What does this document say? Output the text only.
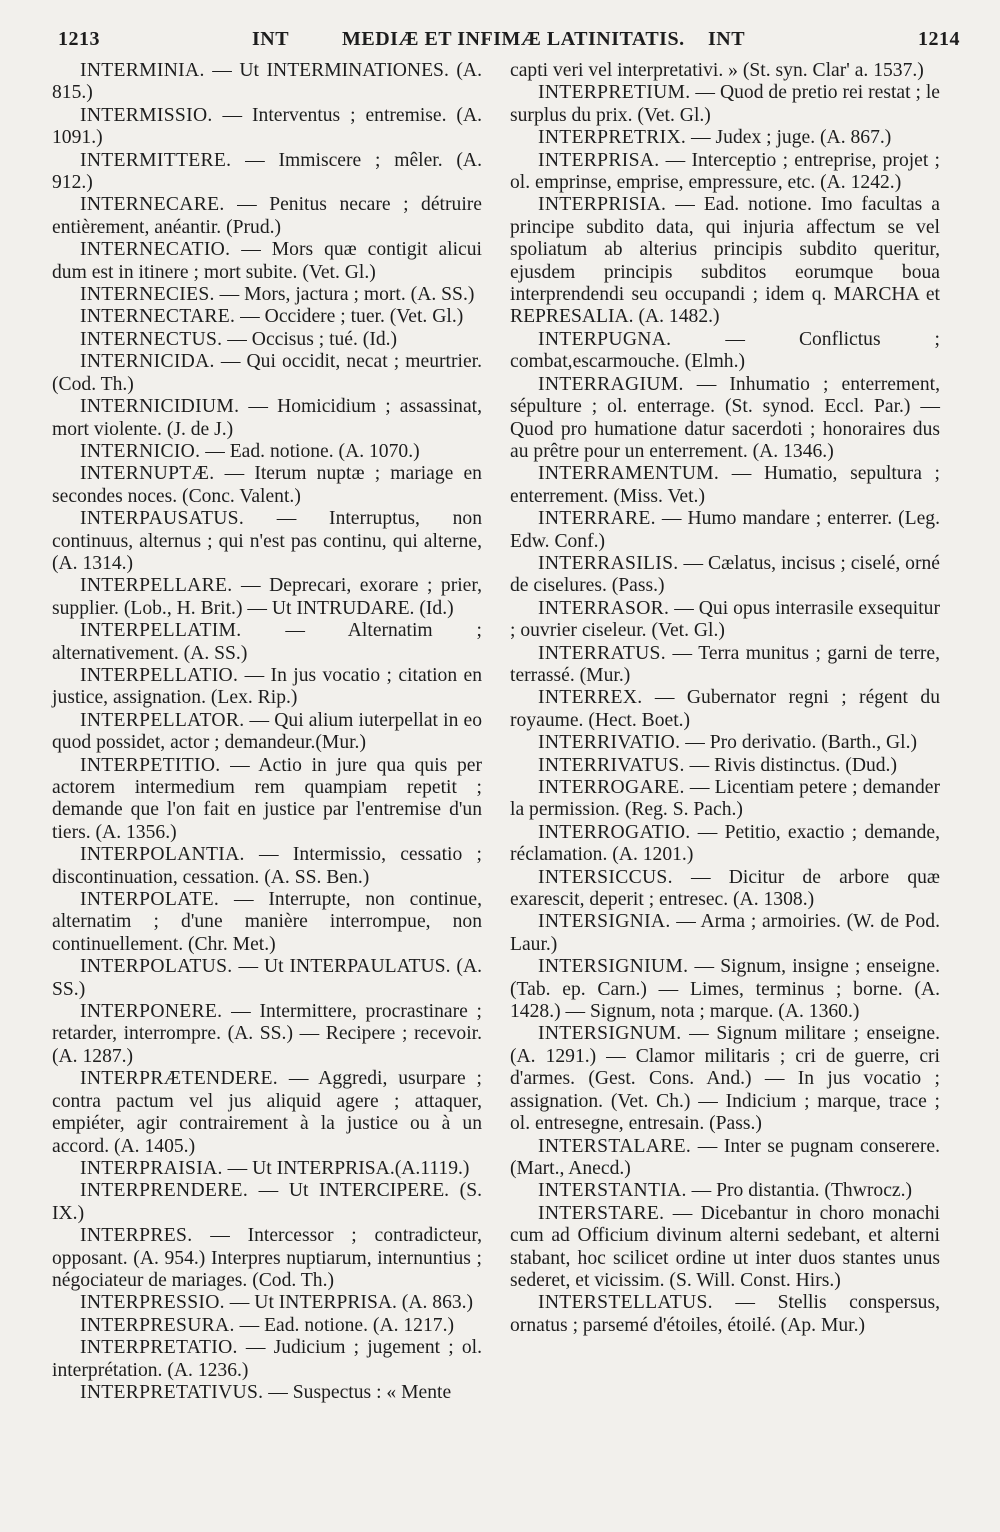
1213	INT	MEDIÆ ET INFIMÆ LATINITATIS. INT	1214

INTERMINIA. — Ut INTERMINATIONES. (A. 815.)

INTERMISSIO. — Interventus ; entremise. (A. 1091.)

INTERMITTERE. — Immiscere ; mêler. (A. 912.)

INTERNECARE. — Penitus necare ; détruire entièrement, anéantir. (Prud.)

INTERNECATIO. — Mors quæ contigit alicui dum est in itinere ; mort subite. (Vet. Gl.)

INTERNECIES. — Mors, jactura ; mort. (A. SS.)

INTERNECTARE. — Occidere ; tuer. (Vet. Gl.)

INTERNECTUS. — Occisus ; tué. (Id.)

INTERNICIDA. — Qui occidit, necat ; meurtrier. (Cod. Th.)

INTERNICIDIUM. — Homicidium ; assassinat, mort violente. (J. de J.)

INTERNICIO. — Ead. notione. (A. 1070.)

INTERNUPTÆ. — Iterum nuptæ ; mariage en secondes noces. (Conc. Valent.)

INTERPAUSATUS. — Interruptus, non continuus, alternus ; qui n'est pas continu, qui alterne, (A. 1314.)

INTERPELLARE. — Deprecari, exorare ; prier, supplier. (Lob., H. Brit.) — Ut INTRUDARE. (Id.)

INTERPELLATIM. — Alternatim ; alternativement. (A. SS.)

INTERPELLATIO. — In jus vocatio ; citation en justice, assignation. (Lex. Rip.)

INTERPELLATOR. — Qui alium iuterpellat in eo quod possidet, actor ; demandeur.(Mur.)

INTERPETITIO. — Actio in jure qua quis per actorem intermedium rem quampiam repetit ; demande que l'on fait en justice par l'entremise d'un tiers. (A. 1356.)

INTERPOLANTIA. — Intermissio, cessatio ; discontinuation, cessation. (A. SS. Ben.)

INTERPOLATE. — Interrupte, non continue, alternatim ; d'une manière interrompue, non continuellement. (Chr. Met.)

INTERPOLATUS. — Ut INTERPAULATUS. (A. SS.)

INTERPONERE. — Intermittere, procrastinare ; retarder, interrompre. (A. SS.) — Recipere ; recevoir. (A. 1287.)

INTERPRÆTENDERE. — Aggredi, usurpare ; contra pactum vel jus aliquid agere ; attaquer, empiéter, agir contrairement à la justice ou à un accord. (A. 1405.)

INTERPRAISIA. — Ut INTERPRISA.(A.1119.)

INTERPRENDERE. — Ut INTERCIPERE. (S. IX.)

INTERPRES. — Intercessor ; contradicteur, opposant. (A. 954.) Interpres nuptiarum, internuntius ; négociateur de mariages. (Cod. Th.)

INTERPRESSIO. — Ut INTERPRISA. (A. 863.)

INTERPRESURA. — Ead. notione. (A. 1217.)

INTERPRETATIO. — Judicium ; jugement ; ol. interprétation. (A. 1236.)

INTERPRETATIVUS. — Suspectus : « Mente

capti veri vel interpretativi. » (St. syn. Clar' a. 1537.)

INTERPRETIUM. — Quod de pretio rei restat ; le surplus du prix. (Vet. Gl.)

INTERPRETRIX. — Judex ; juge. (A. 867.)

INTERPRISA. — Interceptio ; entreprise, projet ; ol. emprinse, emprise, empressure, etc. (A. 1242.)

INTERPRISIA. — Ead. notione. Imo facultas a principe subdito data, qui injuria affectum se vel spoliatum ab alterius principis subdito queritur, ejusdem principis subditos eorumque boua interprendendi seu occupandi ; idem q. MARCHA et REPRESALIA. (A. 1482.)

INTERPUGNA.	— Conflictus ; combat,escarmouche. (Elmh.)

INTERRAGIUM. — Inhumatio ; enterrement, sépulture ; ol. enterrage. (St. synod. Eccl. Par.) — Quod pro humatione datur sacerdoti ; honoraires dus au prêtre pour un enterrement. (A. 1346.)

INTERRAMENTUM. — Humatio, sepultura ; enterrement. (Miss. Vet.)

INTERRARE. — Humo mandare ; enterrer. (Leg. Edw. Conf.)

INTERRASILIS. — Cælatus, incisus ; ciselé, orné de ciselures. (Pass.)

INTERRASOR. — Qui opus interrasile exsequitur ; ouvrier ciseleur. (Vet. Gl.)

INTERRATUS. — Terra munitus ; garni de terre, terrassé. (Mur.)

INTERREX. — Gubernator regni ; régent du royaume. (Hect. Boet.)

INTERRIVATIO. — Pro derivatio. (Barth., Gl.)

INTERRIVATUS. — Rivis distinctus. (Dud.)

INTERROGARE. — Licentiam petere ; demander la permission. (Reg. S. Pach.)

INTERROGATIO. — Petitio, exactio ; demande, réclamation. (A. 1201.)

INTERSICCUS. — Dicitur de arbore quæ exarescit, deperit ; entresec. (A. 1308.)

INTERSIGNIA. — Arma ; armoiries. (W. de Pod. Laur.)

INTERSIGNIUM. — Signum, insigne ; enseigne. (Tab. ep. Carn.) — Limes, terminus ; borne. (A. 1428.) — Signum, nota ; marque. (A. 1360.)

INTERSIGNUM. — Signum militare ; enseigne. (A. 1291.) — Clamor militaris ; cri de guerre, cri d'armes. (Gest. Cons. And.) — In jus vocatio ; assignation. (Vet. Ch.) — Indicium ; marque, trace ; ol. entresegne, entresain. (Pass.)

INTERSTALARE. — Inter se pugnam conserere. (Mart., Anecd.)

INTERSTANTIA. — Pro distantia. (Thwrocz.)

INTERSTARE. — Dicebantur in choro monachi cum ad Officium divinum alterni sedebant, et alterni stabant, hoc scilicet ordine ut inter duos stantes unus sederet, et vicissim. (S. Will. Const. Hirs.)

INTERSTELLATUS. — Stellis conspersus, ornatus ; parsemé d'étoiles, étoilé. (Ap. Mur.)
